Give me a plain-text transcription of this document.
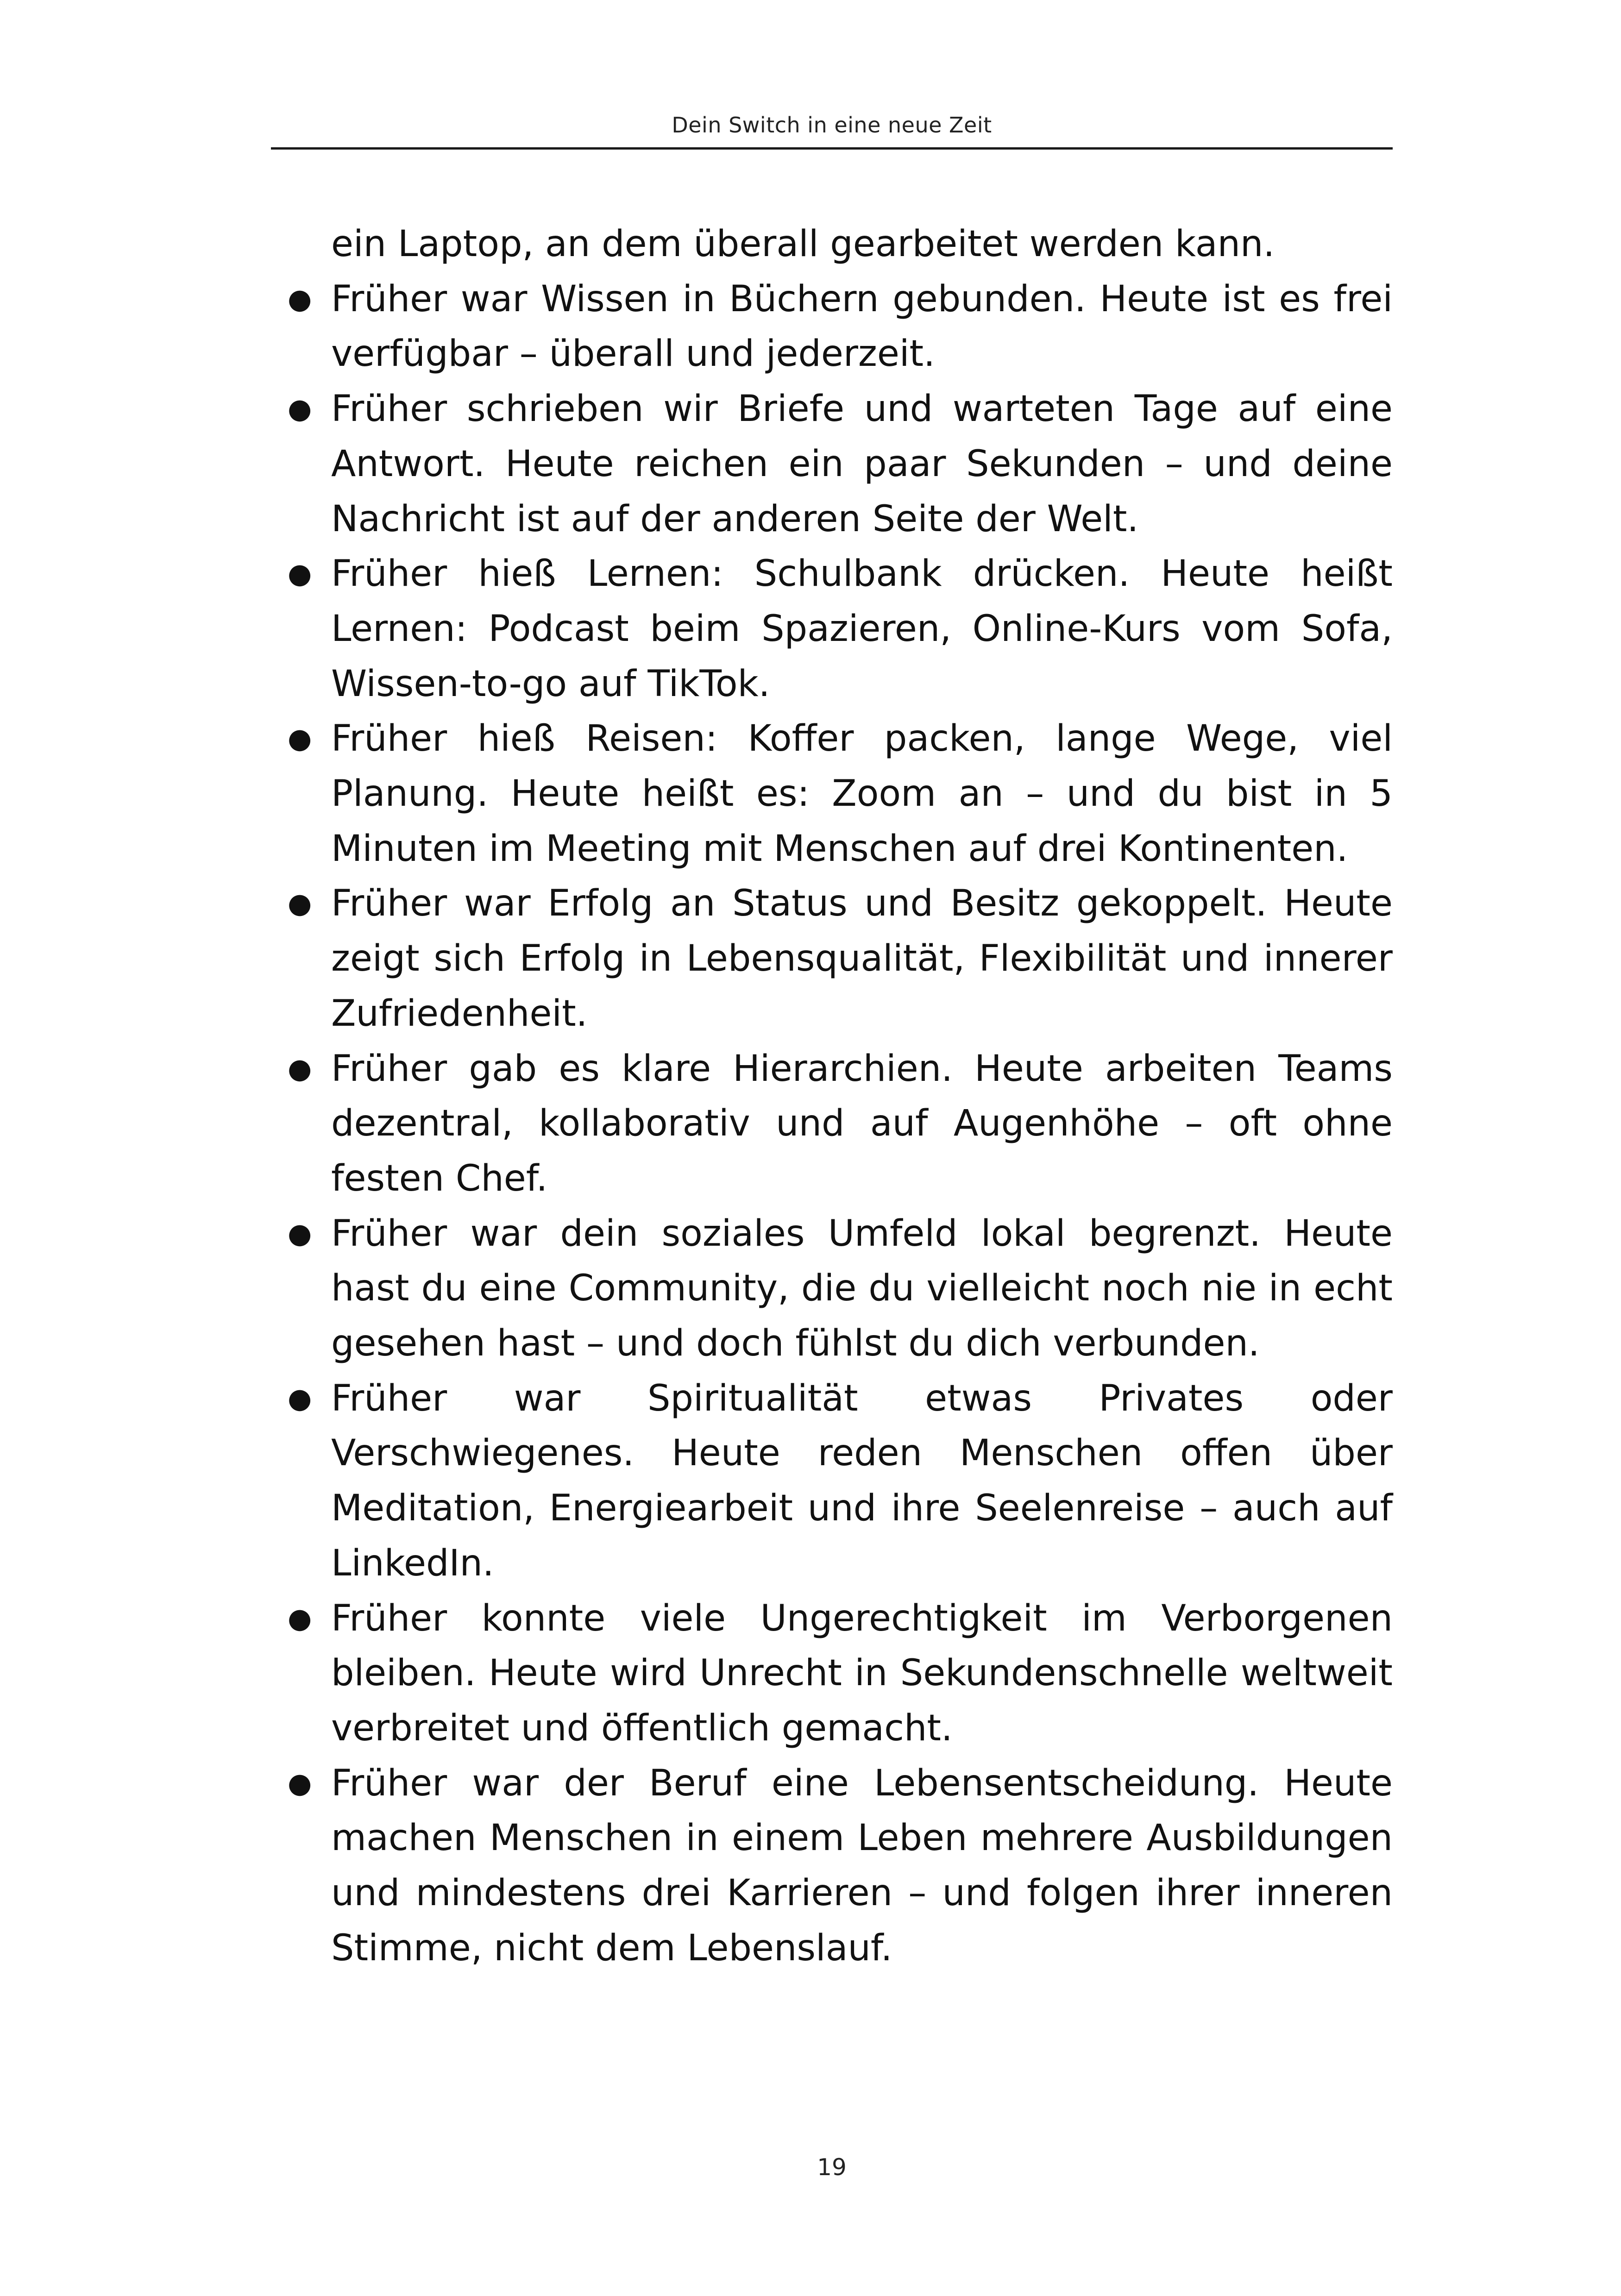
Dein Switch in eine neue Zeit

ein Laptop, an dem überall gearbeitet werden kann.

● Früher war Wissen in Büchern gebunden. Heute ist es frei verfügbar – überall und jederzeit.
● Früher schrieben wir Briefe und warteten Tage auf eine Antwort. Heute reichen ein paar Sekunden – und deine Nachricht ist auf der anderen Seite der Welt.
● Früher hieß Lernen: Schulbank drücken. Heute heißt Lernen: Podcast beim Spazieren, Online-Kurs vom Sofa, Wissen-to-go auf TikTok.
● Früher hieß Reisen: Koffer packen, lange Wege, viel Planung. Heute heißt es: Zoom an – und du bist in 5 Minuten im Meeting mit Menschen auf drei Kontinenten.
● Früher war Erfolg an Status und Besitz gekoppelt. Heute zeigt sich Erfolg in Lebensqualität, Flexibilität und innerer Zufriedenheit.
● Früher gab es klare Hierarchien. Heute arbeiten Teams dezentral, kollaborativ und auf Augenhöhe – oft ohne festen Chef.
● Früher war dein soziales Umfeld lokal begrenzt. Heute hast du eine Community, die du vielleicht noch nie in echt gesehen hast – und doch fühlst du dich verbunden.
● Früher war Spiritualität etwas Privates oder Verschwiegenes. Heute reden Menschen offen über Meditation, Energiearbeit und ihre Seelenreise – auch auf LinkedIn.
● Früher konnte viele Ungerechtigkeit im Verborgenen bleiben. Heute wird Unrecht in Sekundenschnelle weltweit verbreitet und öffentlich gemacht.
● Früher war der Beruf eine Lebensentscheidung. Heute machen Menschen in einem Leben mehrere Ausbildungen und mindestens drei Karrieren – und folgen ihrer inneren Stimme, nicht dem Lebenslauf.
19
